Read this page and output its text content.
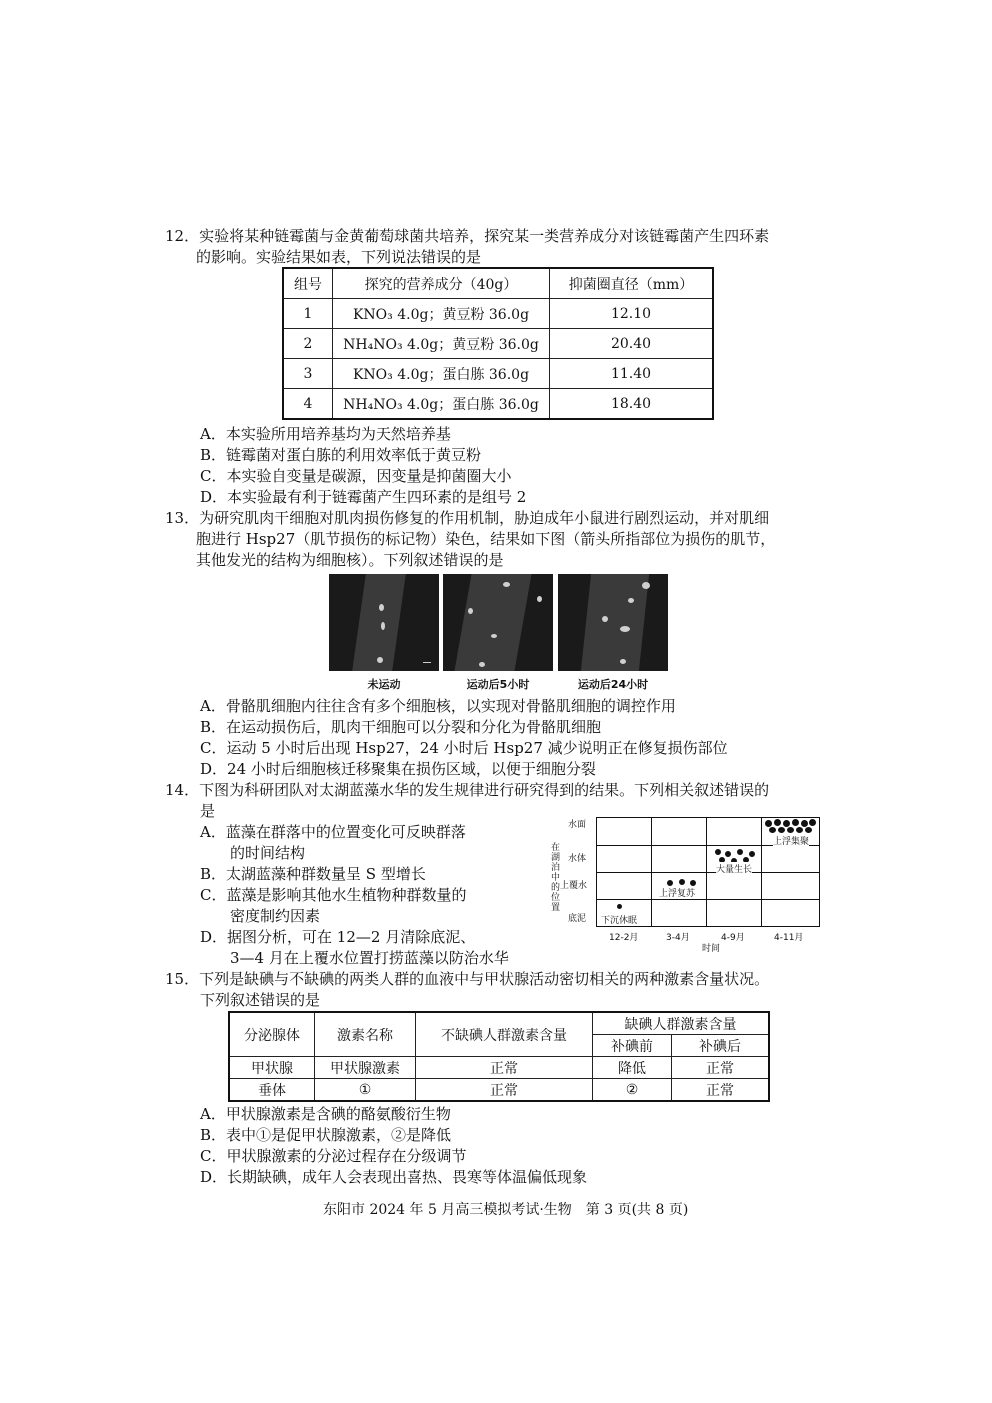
12．实验将某种链霉菌与金黄葡萄球菌共培养，探究某一类营养成分对该链霉菌产生四环素
的影响。实验结果如表，下列说法错误的是
组号	探究的营养成分（40g）	抑菌圈直径（mm）
1	KNO₃ 4.0g；黄豆粉 36.0g	12.10
2	NH₄NO₃ 4.0g；黄豆粉 36.0g	20.40
3	KNO₃ 4.0g；蛋白胨 36.0g	11.40
4	NH₄NO₃ 4.0g；蛋白胨 36.0g	18.40
A．本实验所用培养基均为天然培养基
B．链霉菌对蛋白胨的利用效率低于黄豆粉
C．本实验自变量是碳源，因变量是抑菌圈大小
D．本实验最有利于链霉菌产生四环素的是组号 2
13．为研究肌肉干细胞对肌肉损伤修复的作用机制，胁迫成年小鼠进行剧烈运动，并对肌细
胞进行 Hsp27（肌节损伤的标记物）染色，结果如下图（箭头所指部位为损伤的肌节，
其他发光的结构为细胞核）。下列叙述错误的是
未运动	运动后5小时	运动后24小时
A．骨骼肌细胞内往往含有多个细胞核，以实现对骨骼肌细胞的调控作用
B．在运动损伤后，肌肉干细胞可以分裂和分化为骨骼肌细胞
C．运动 5 小时后出现 Hsp27，24 小时后 Hsp27 减少说明正在修复损伤部位
D．24 小时后细胞核迁移聚集在损伤区域，以便于细胞分裂
14．下图为科研团队对太湖蓝藻水华的发生规律进行研究得到的结果。下列相关叙述错误的
是
A．蓝藻在群落中的位置变化可反映群落
的时间结构
B．太湖蓝藻种群数量呈 S 型增长
C．蓝藻是影响其他水生植物种群数量的
密度制约因素
D．据图分析，可在 12—2 月清除底泥、
3—4 月在上覆水位置打捞蓝藻以防治水华
在湖泊中的位置
水面
水体
上覆水
底泥 下沉休眠
上浮复苏
大量生长
上浮集聚
12-2月	3-4月	4-9月	4-11月
时间
15．下列是缺碘与不缺碘的两类人群的血液中与甲状腺活动密切相关的两种激素含量状况。
下列叙述错误的是
分泌腺体	激素名称	不缺碘人群激素含量	缺碘人群激素含量	
			补碘前	补碘后
甲状腺	甲状腺激素	正常	降低	正常
垂体	①	正常	②	正常
A．甲状腺激素是含碘的酪氨酸衍生物
B．表中①是促甲状腺激素，②是降低
C．甲状腺激素的分泌过程存在分级调节
D．长期缺碘，成年人会表现出喜热、畏寒等体温偏低现象
东阳市 2024 年 5 月高三模拟考试·生物　第 3 页(共 8 页)
